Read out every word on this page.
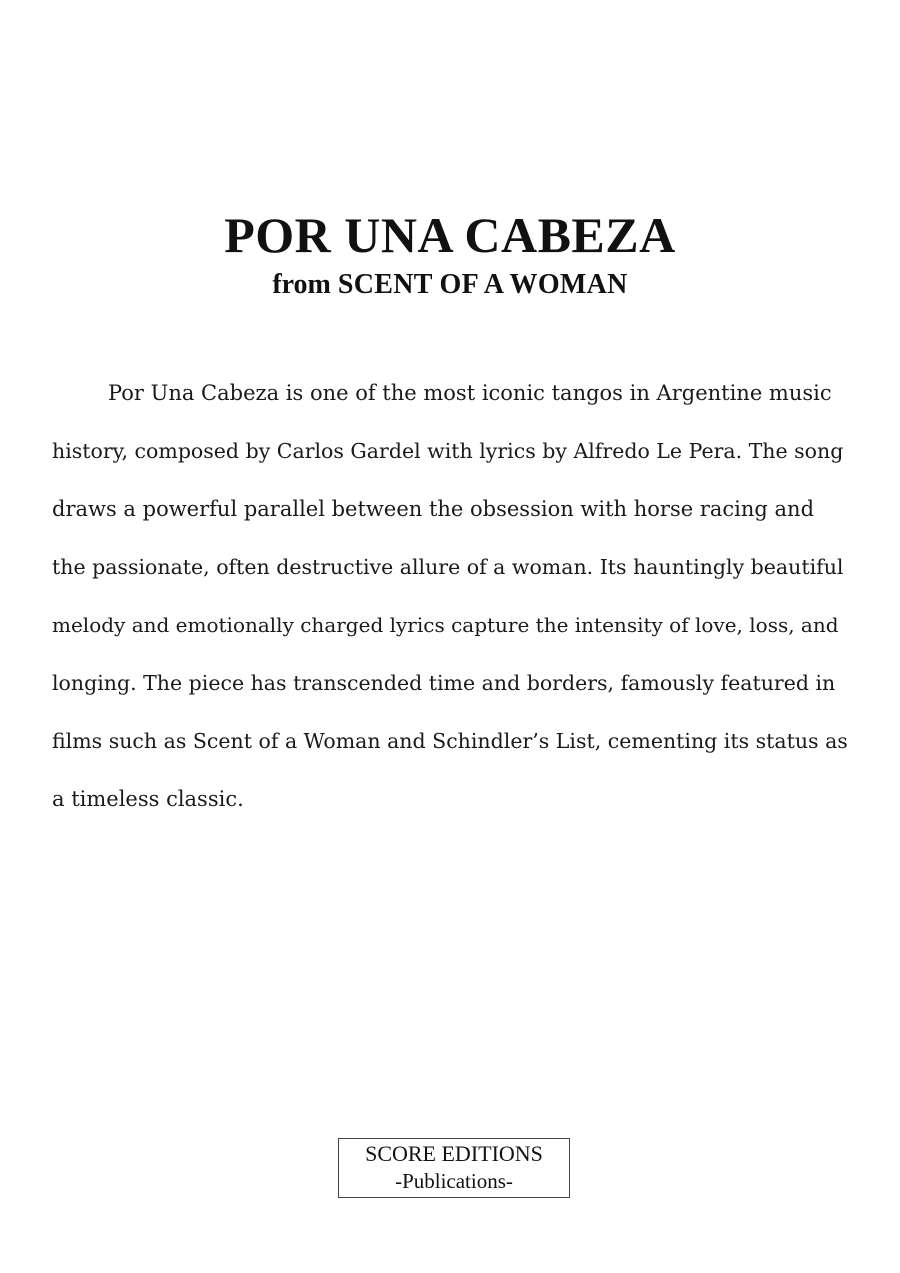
POR UNA CABEZA
from SCENT OF A WOMAN

Por Una Cabeza is one of the most iconic tangos in Argentine music
history, composed by Carlos Gardel with lyrics by Alfredo Le Pera. The song
draws a powerful parallel between the obsession with horse racing and
the passionate, often destructive allure of a woman. Its hauntingly beautiful
melody and emotionally charged lyrics capture the intensity of love, loss, and
longing. The piece has transcended time and borders, famously featured in
films such as Scent of a Woman and Schindler’s List, cementing its status as
a timeless classic.

SCORE EDITIONS
-Publications-
